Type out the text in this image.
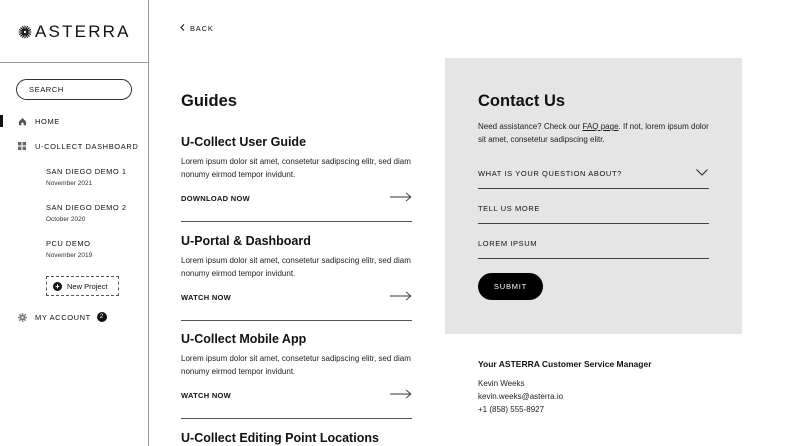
ASTERRA
SEARCH
HOME
U-COLLECT DASHBOARD
SAN DIEGO DEMO 1
November 2021
SAN DIEGO DEMO 2
October 2020
PCU DEMO
November 2019
+ New Project
MY ACCOUNT	2
BACK
Guides
U-Collect User Guide
Lorem ipsum dolor sit amet, consetetur sadipscing elitr, sed diam nonumy eirmod tempor invidunt.
DOWNLOAD NOW
U-Portal & Dashboard
Lorem ipsum dolor sit amet, consetetur sadipscing elitr, sed diam nonumy eirmod tempor invidunt.
WATCH NOW
U-Collect Mobile App
Lorem ipsum dolor sit amet, consetetur sadipscing elitr, sed diam nonumy eirmod tempor invidunt.
WATCH NOW
U-Collect Editing Point Locations
Contact Us

Need assistance? Check our FAQ page. If not, lorem ipsum dolor sit amet, consetetur sadipscing elitr.

WHAT IS YOUR QUESTION ABOUT?
TELL US MORE
LOREM IPSUM
SUBMIT
Your ASTERRA Customer Service Manager
Kevin Weeks
kevin.weeks@asterra.io
+1 (858) 555-8927
